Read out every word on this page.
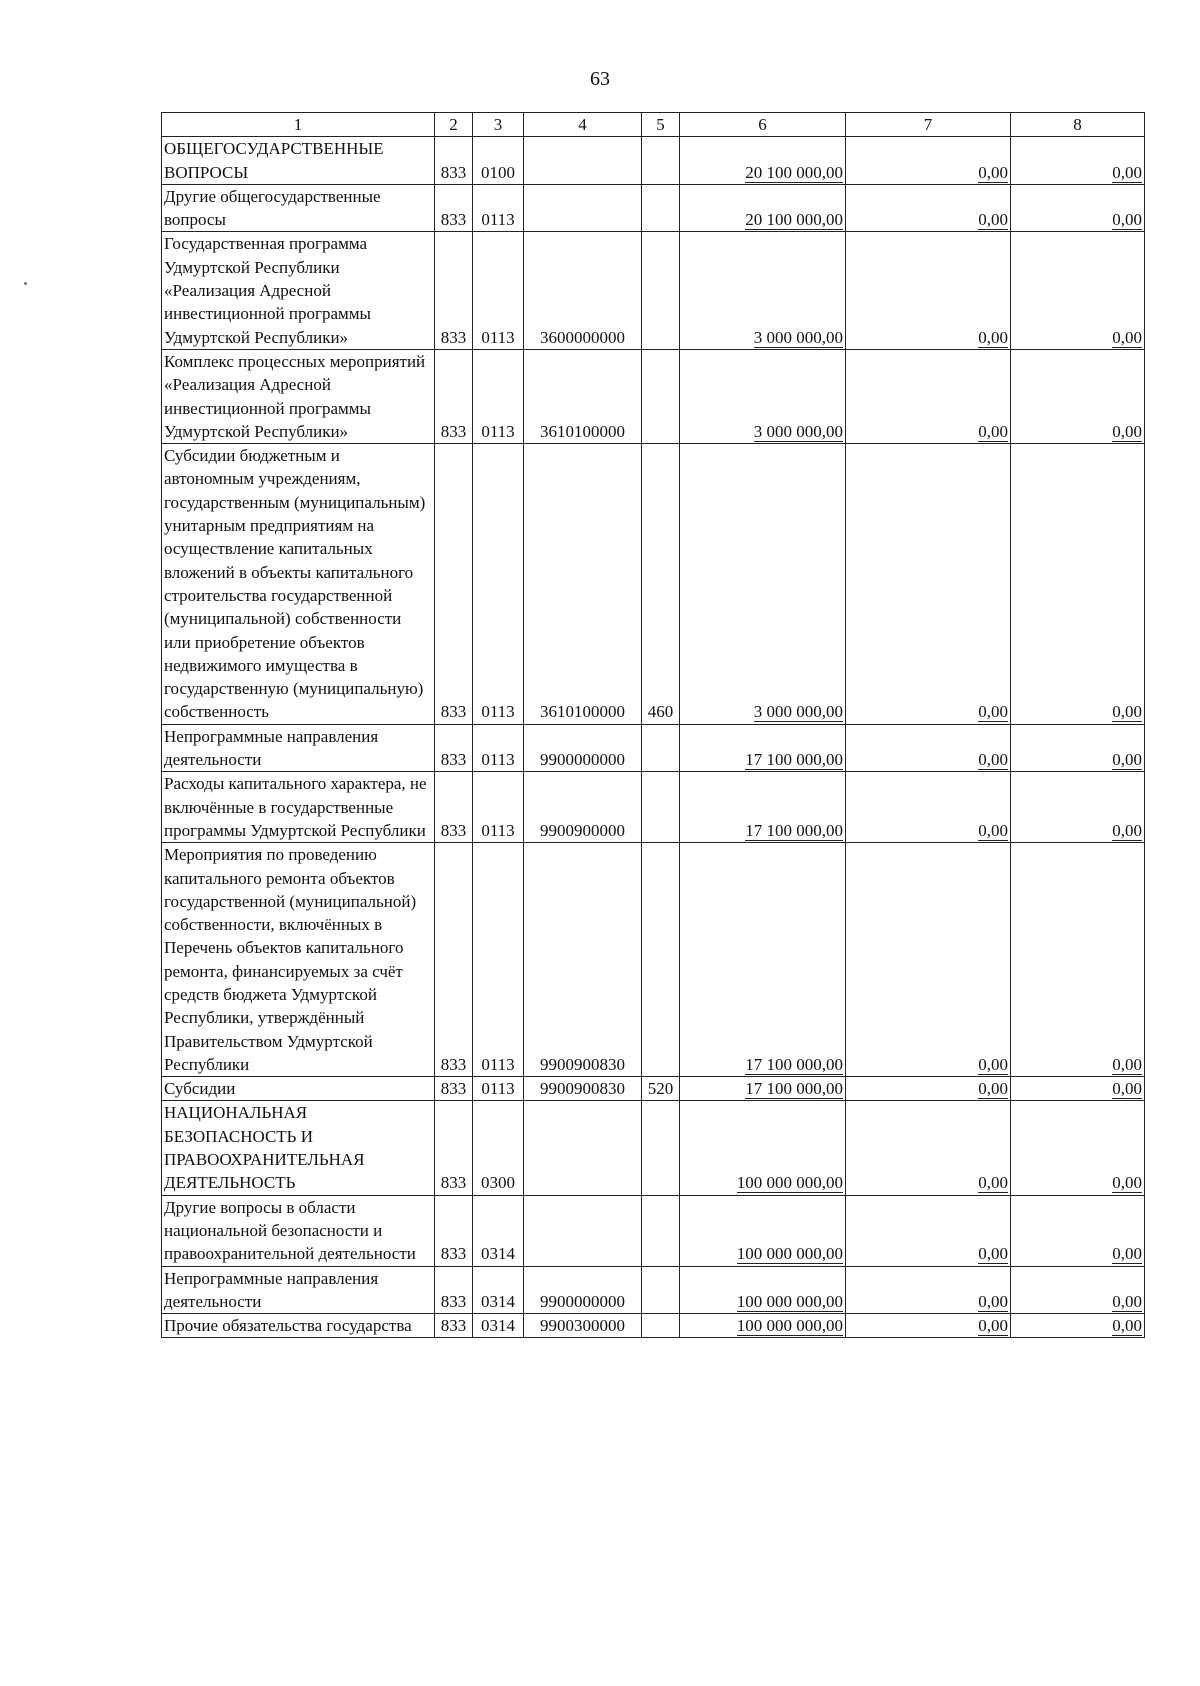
63
1	2	3	4	5	6	7	8
ОБЩЕГОСУДАРСТВЕННЫЕ ВОПРОСЫ	833	0100			20 100 000,00	0,00	0,00
Другие общегосударственные вопросы	833	0113			20 100 000,00	0,00	0,00
Государственная программа Удмуртской Республики «Реализация Адресной инвестиционной программы Удмуртской Республики»	833	0113	3600000000		3 000 000,00	0,00	0,00
Комплекс процессных мероприятий «Реализация Адресной инвестиционной программы Удмуртской Республики»	833	0113	3610100000		3 000 000,00	0,00	0,00
Субсидии бюджетным и автономным учреждениям, государственным (муниципальным) унитарным предприятиям на осуществление капитальных вложений в объекты капитального строительства государственной (муниципальной) собственности или приобретение объектов недвижимого имущества в государственную (муниципальную) собственность	833	0113	3610100000	460	3 000 000,00	0,00	0,00
Непрограммные направления деятельности	833	0113	9900000000		17 100 000,00	0,00	0,00
Расходы капитального характера, не включённые в государственные программы Удмуртской Республики	833	0113	9900900000		17 100 000,00	0,00	0,00
Мероприятия по проведению капитального ремонта объектов государственной (муниципальной) собственности, включённых в Перечень объектов капитального ремонта, финансируемых за счёт средств бюджета Удмуртской Республики, утверждённый Правительством Удмуртской Республики	833	0113	9900900830		17 100 000,00	0,00	0,00
Субсидии	833	0113	9900900830	520	17 100 000,00	0,00	0,00
НАЦИОНАЛЬНАЯ БЕЗОПАСНОСТЬ И ПРАВООХРАНИТЕЛЬНАЯ ДЕЯТЕЛЬНОСТЬ	833	0300			100 000 000,00	0,00	0,00
Другие вопросы в области национальной безопасности и правоохранительной деятельности	833	0314			100 000 000,00	0,00	0,00
Непрограммные направления деятельности	833	0314	9900000000		100 000 000,00	0,00	0,00
Прочие обязательства государства	833	0314	9900300000		100 000 000,00	0,00	0,00
